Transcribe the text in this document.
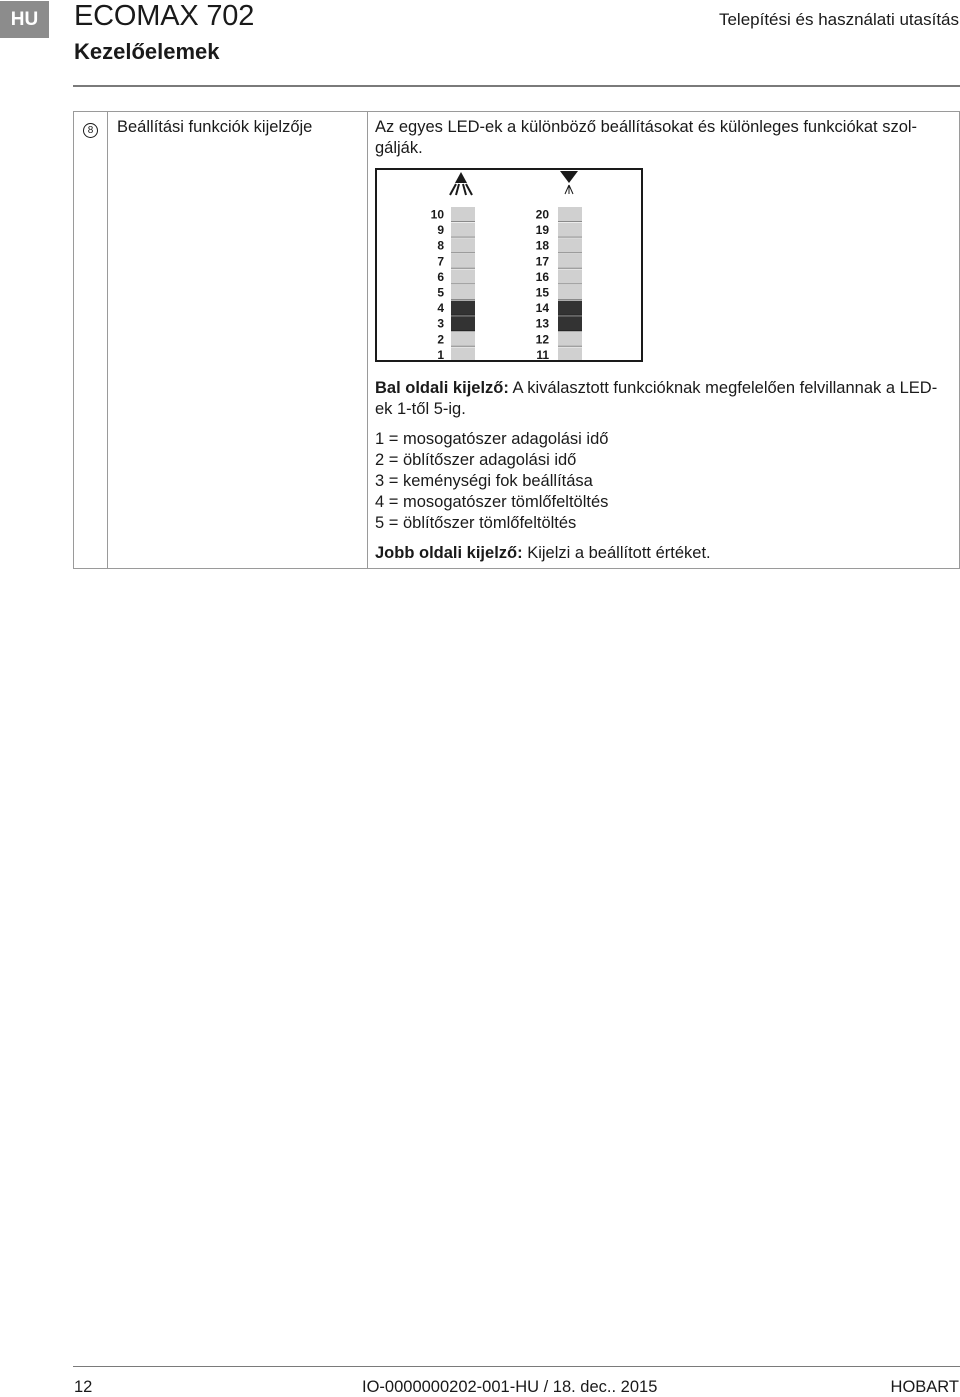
HU	ECOMAX 702
Kezelőelemek
Telepítési és használati utasítás
8	Beállítási funkciók kijelzője	Az egyes LED-ek a különböző beállításokat és különleges funkciókat szol-gálják.

10
9
8
7
6
5
4
3
2
1
20
19
18
17
16
15
14
13
12
11

Bal oldali kijelző: A kiválasztott funkcióknak megfelelően felvillannak a LED-ek 1-től 5-ig.

1 = mosogatószer adagolási idő
2 = öblítőszer adagolási idő
3 = keménységi fok beállítása
4 = mosogatószer tömlőfeltöltés
5 = öblítőszer tömlőfeltöltés

Jobb oldali kijelző: Kijelzi a beállított értéket.

12	IO-0000000202-001-HU / 18. dec.. 2015	HOBART
